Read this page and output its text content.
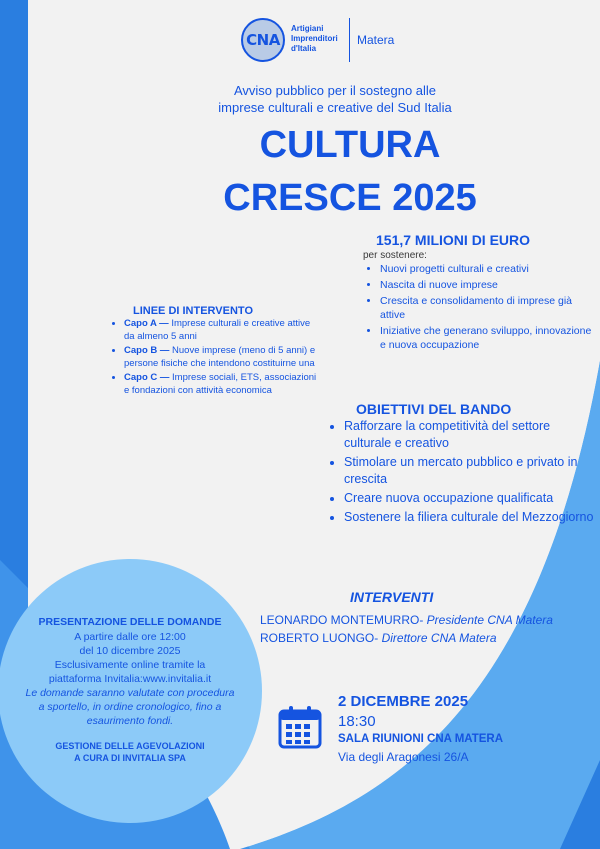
CNA
Artigiani
Imprenditori
d'Italia
Matera
Avviso pubblico per il sostegno alle
imprese culturali e creative del Sud Italia
CULTURA
CRESCE 2025
151,7 MILIONI DI EURO
per sostenere:
• Nuovi progetti culturali e creativi
• Nascita di nuove imprese
• Crescita e consolidamento di imprese già attive
• Iniziative che generano sviluppo, innovazione e nuova occupazione
LINEE DI INTERVENTO
• Capo A — Imprese culturali e creative attive da almeno 5 anni
• Capo B — Nuove imprese (meno di 5 anni) e persone fisiche che intendono costituirne una
• Capo C — Imprese sociali, ETS, associazioni e fondazioni con attività economica
OBIETTIVI DEL BANDO
• Rafforzare la competitività del settore culturale e creativo
• Stimolare un mercato pubblico e privato in crescita
• Creare nuova occupazione qualificata
• Sostenere la filiera culturale del Mezzogiorno
INTERVENTI
LEONARDO MONTEMURRO- Presidente CNA Matera
ROBERTO LUONGO- Direttore CNA Matera
PRESENTAZIONE DELLE DOMANDE
A partire dalle ore 12:00
del 10 dicembre 2025
Esclusivamente online tramite la
piattaforma Invitalia:www.invitalia.it
Le domande saranno valutate con procedura a sportello, in ordine cronologico, fino a esaurimento fondi.
GESTIONE DELLE AGEVOLAZIONI
A CURA DI INVITALIA SPA
2 DICEMBRE 2025
18:30
SALA RIUNIONI CNA MATERA
Via degli Aragonesi 26/A
